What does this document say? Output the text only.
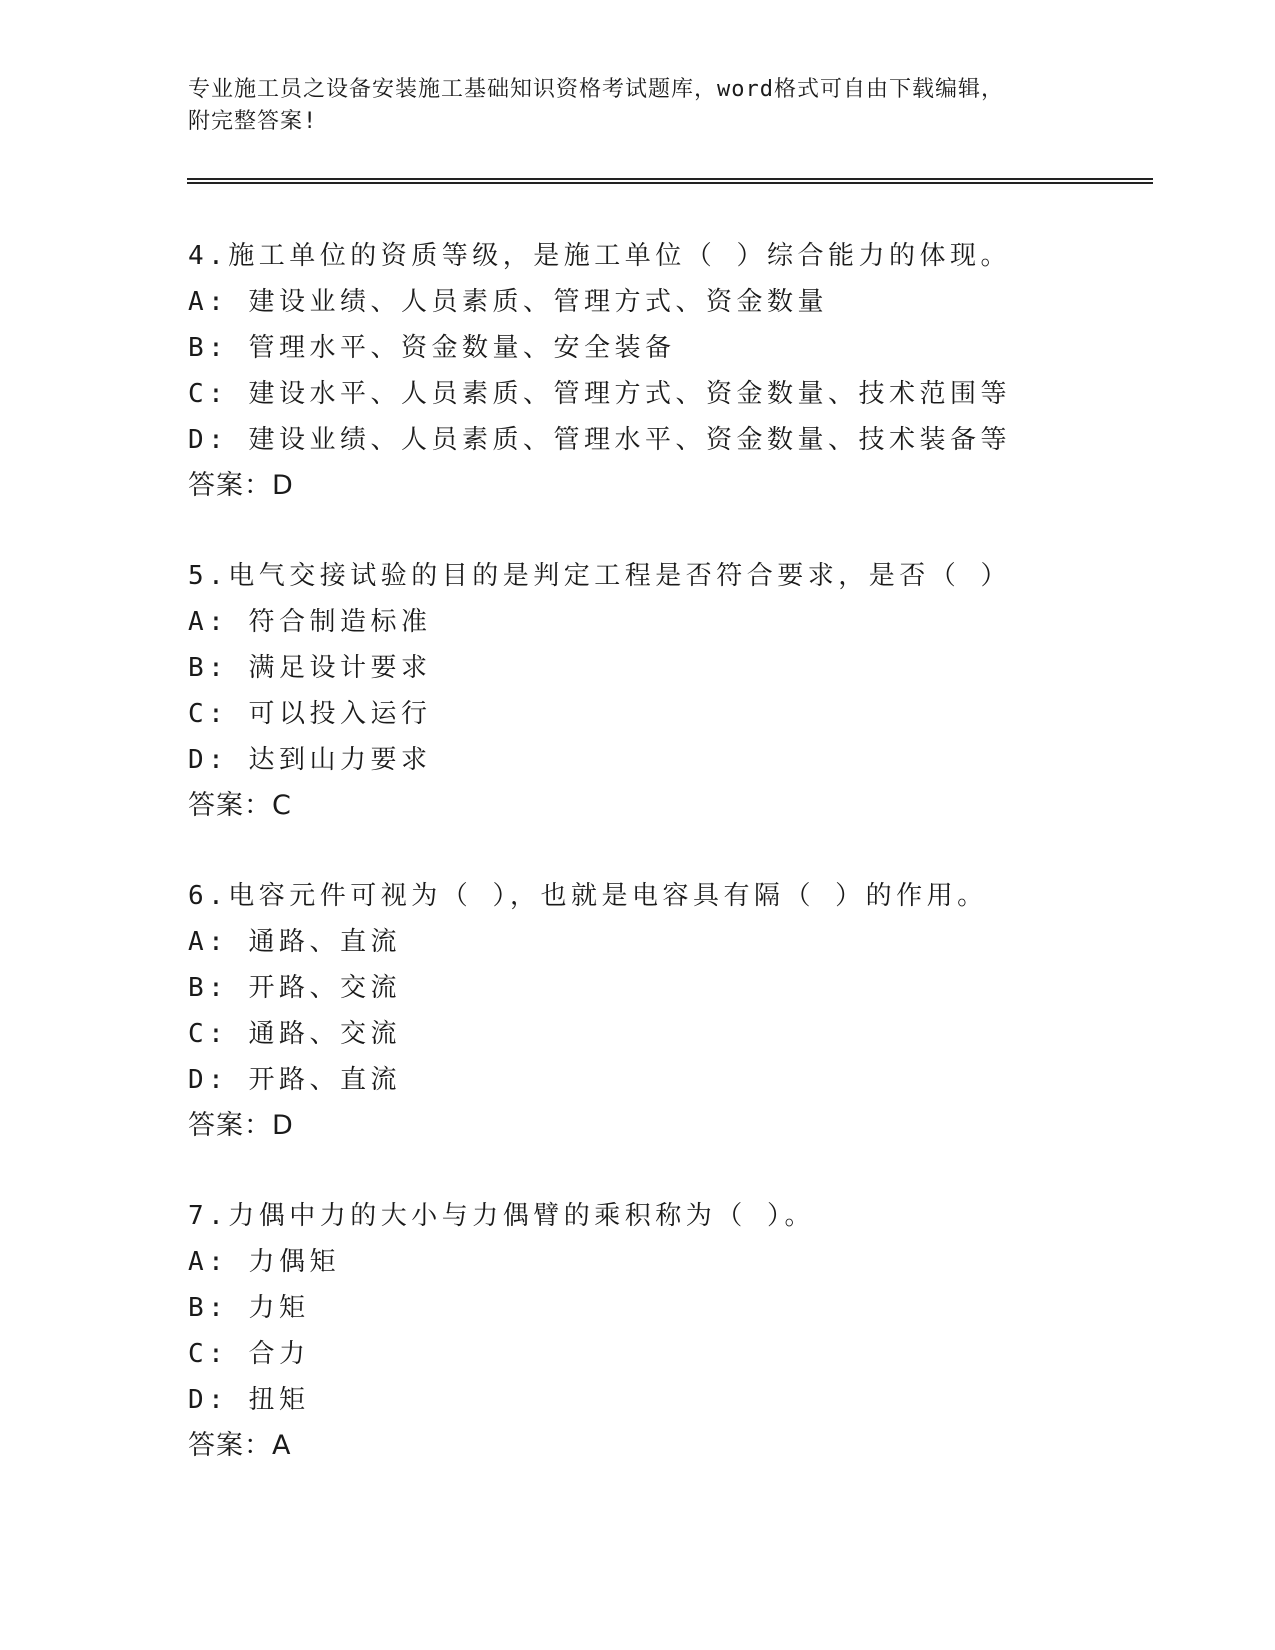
专业施工员之设备安装施工基础知识资格考试题库，word格式可自由下载编辑，
附完整答案!
4.施工单位的资质等级，是施工单位（ ）综合能力的体现。
A: 建设业绩、人员素质、管理方式、资金数量
B: 管理水平、资金数量、安全装备
C: 建设水平、人员素质、管理方式、资金数量、技术范围等
D: 建设业绩、人员素质、管理水平、资金数量、技术装备等
答案：D
5.电气交接试验的目的是判定工程是否符合要求，是否（ ）
A: 符合制造标准
B: 满足设计要求
C: 可以投入运行
D: 达到山力要求
答案：C
6.电容元件可视为（ ），也就是电容具有隔（ ）的作用。
A: 通路、直流
B: 开路、交流
C: 通路、交流
D: 开路、直流
答案：D
7.力偶中力的大小与力偶臂的乘积称为（ ）。
A: 力偶矩
B: 力矩
C: 合力
D: 扭矩
答案：A
